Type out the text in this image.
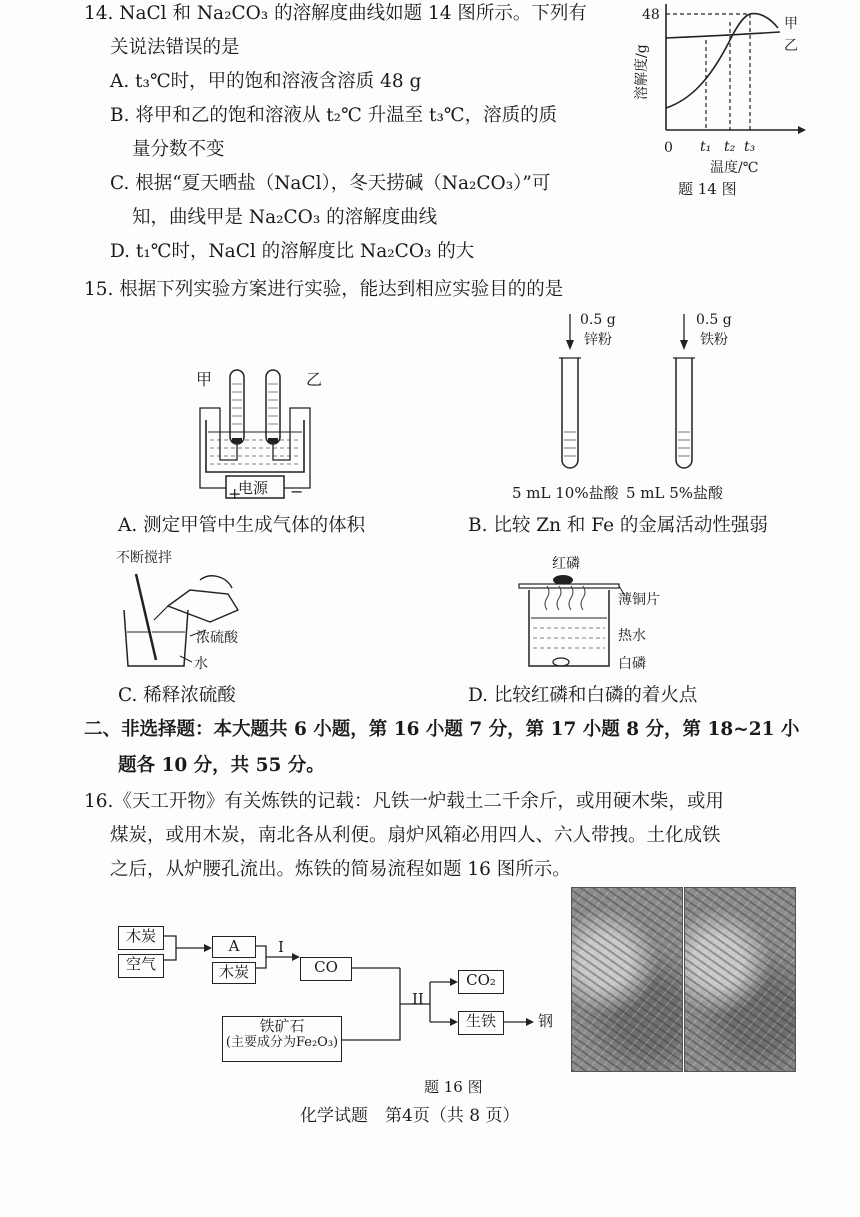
14. NaCl 和 Na₂CO₃ 的溶解度曲线如题 14 图所示。下列有
关说法错误的是
A. t₃℃时，甲的饱和溶液含溶质 48 g
B. 将甲和乙的饱和溶液从 t₂℃ 升温至 t₃℃，溶质的质
量分数不变
C. 根据“夏天晒盐（NaCl），冬天捞碱（Na₂CO₃）”可
知，曲线甲是 Na₂CO₃ 的溶解度曲线
D. t₁℃时，NaCl 的溶解度比 Na₂CO₃ 的大
48
0 t₁ t₂ t₃
甲
乙
温度/℃
溶解度/g
题 14 图
15. 根据下列实验方案进行实验，能达到相应实验目的的是
电源
甲	乙
+	−
0.5 g
锌粉
0.5 g
铁粉
5 mL 10%盐酸 5 mL 5%盐酸
A. 测定甲管中生成气体的体积	B. 比较 Zn 和 Fe 的金属活动性强弱
不断搅拌
浓硫酸
水
红磷
薄铜片
热水
白磷
C. 稀释浓硫酸	D. 比较红磷和白磷的着火点
二、非选择题：本大题共 6 小题，第 16 小题 7 分，第 17 小题 8 分，第 18~21 小
题各 10 分，共 55 分。
16.《天工开物》有关炼铁的记载：凡铁一炉载土二千余斤，或用硬木柴，或用
煤炭，或用木炭，南北各从利便。扇炉风箱必用四人、六人带拽。土化成铁
之后，从炉腰孔流出。炼铁的简易流程如题 16 图所示。
木炭
空气
A
木炭
I
CO
II
CO₂
生铁	钢
铁矿石
(主要成分为Fe₂O₃)
题 16 图
化学试题　第4页（共 8 页）
